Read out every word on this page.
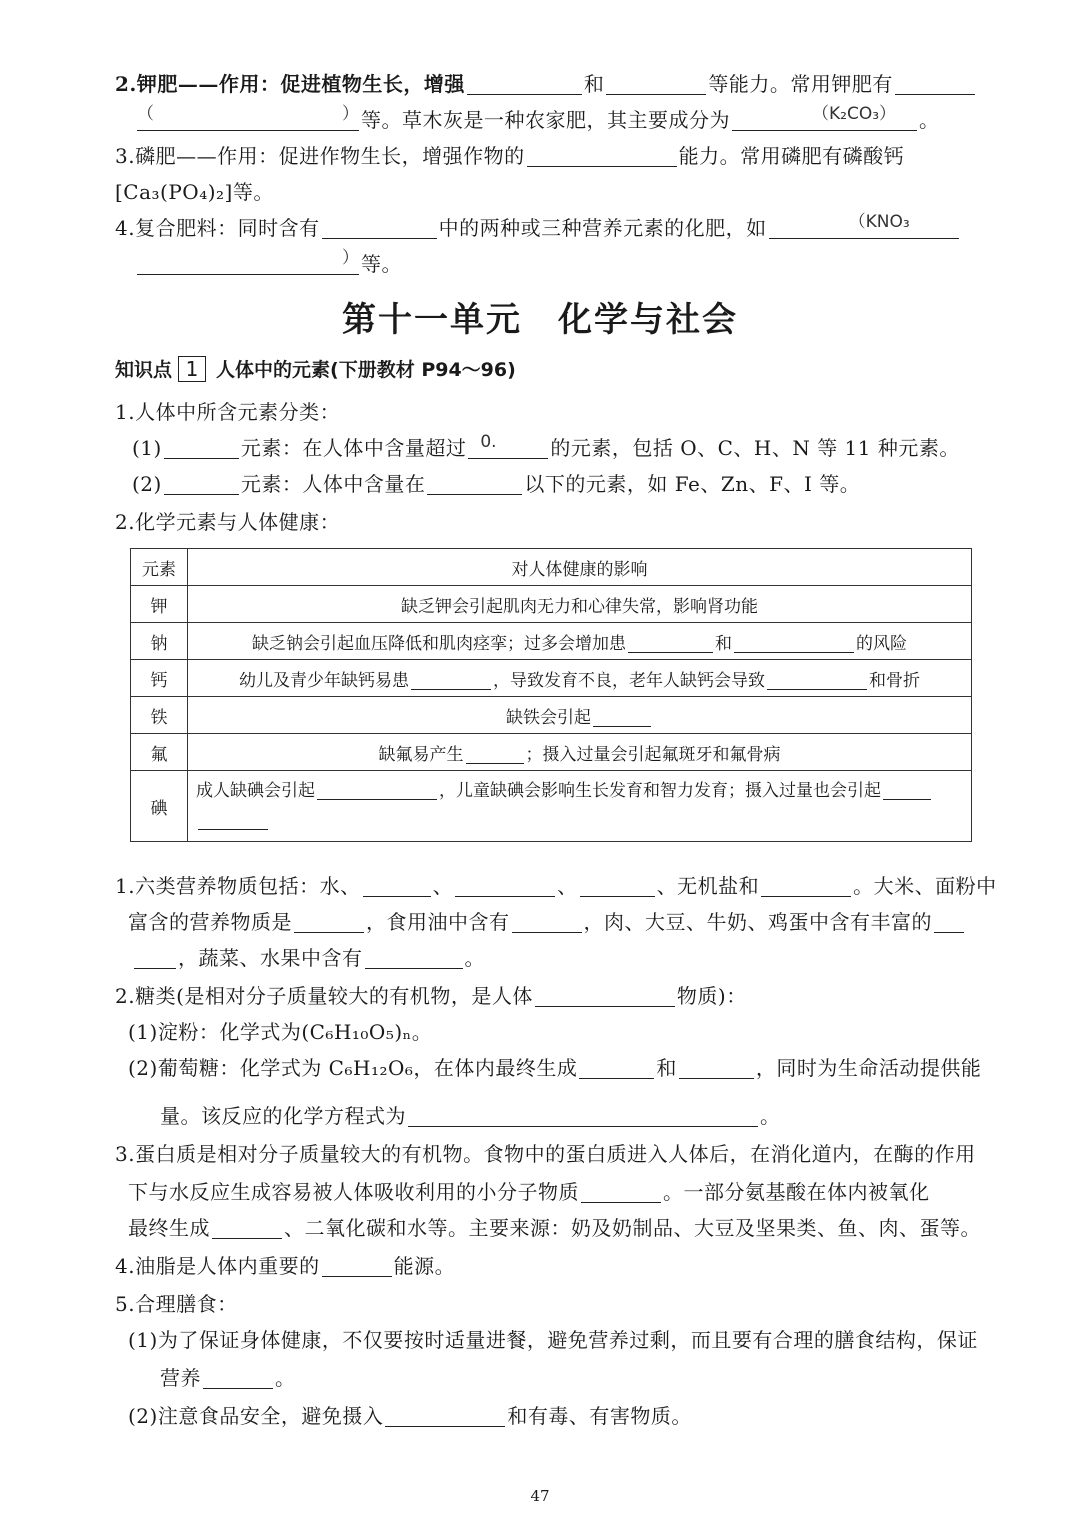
2.钾肥——作用：促进植物生长，增强	和	等能力。常用钾肥有
（	） 等。草木灰是一种农家肥，其主要成分为	（K₂CO₃） 。
3.磷肥——作用：促进作物生长，增强作物的	能力。常用磷肥有磷酸钙
[Ca₃(PO₄)₂]等。
4.复合肥料：同时含有	中的两种或三种营养元素的化肥，如	（KNO₃
） 等。
第十一单元　化学与社会
知识点 1 人体中的元素(下册教材 P94～96)
1.人体中所含元素分类：
(1)	元素：在人体中含量超过 0.	的元素，包括 O、C、H、N 等 11 种元素。
(2)	元素：人体中含量在	以下的元素，如 Fe、Zn、F、I 等。
2.化学元素与人体健康：
元素	对人体健康的影响
钾	缺乏钾会引起肌肉无力和心律失常，影响肾功能
钠	缺乏钠会引起血压降低和肌肉痉挛；过多会增加患 和 的风险
钙	幼儿及青少年缺钙易患 ，导致发育不良，老年人缺钙会导致 和骨折
铁	缺铁会引起
氟	缺氟易产生 ；摄入过量会引起氟斑牙和氟骨病
碘	成人缺碘会引起 ，儿童缺碘会影响生长发育和智力发育；摄入过量也会引起

1.六类营养物质包括：水、	、	、	、无机盐和	。大米、面粉中
富含的营养物质是	，食用油中含有	，肉、大豆、牛奶、鸡蛋中含有丰富的
，蔬菜、水果中含有	。
2.糖类(是相对分子质量较大的有机物，是人体	物质)：
(1)淀粉：化学式为(C₆H₁₀O₅)ₙ。
(2)葡萄糖：化学式为 C₆H₁₂O₆，在体内最终生成	和	，同时为生命活动提供能
量。该反应的化学方程式为	。
3.蛋白质是相对分子质量较大的有机物。食物中的蛋白质进入人体后，在消化道内，在酶的作用
下与水反应生成容易被人体吸收利用的小分子物质	。一部分氨基酸在体内被氧化
最终生成	、二氧化碳和水等。主要来源：奶及奶制品、大豆及坚果类、鱼、肉、蛋等。
4.油脂是人体内重要的	能源。
5.合理膳食：
(1)为了保证身体健康，不仅要按时适量进餐，避免营养过剩，而且要有合理的膳食结构，保证
营养	。
(2)注意食品安全，避免摄入	和有毒、有害物质。
47
